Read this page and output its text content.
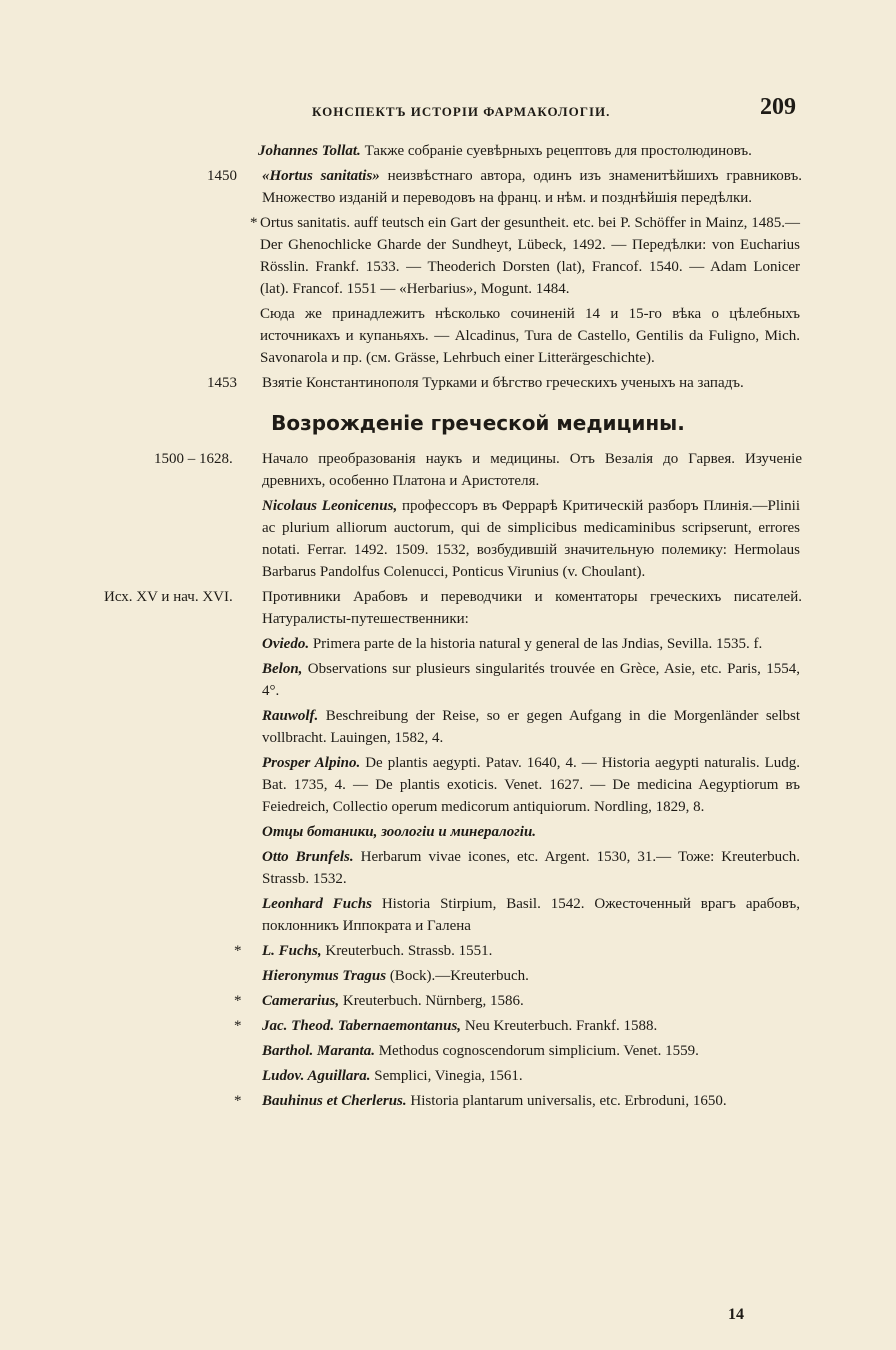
КОНСПЕКТЪ ИСТОРІИ ФАРМАКОЛОГІИ.	209
Johannes Tollat. Также собраніе суевѣрныхъ рецептовъ для простолюдиновъ.
1450 «Hortus sanitatis» неизвѣстнаго автора, одинъ изъ знаменитѣйшихъ гравниковъ. Множество изданій и переводовъ на франц. и нѣм. и позднѣйшія передѣлки.
* Ortus sanitatis. auff teutsch ein Gart der gesuntheit. etc. bei P. Schöffer in Mainz, 1485.—Der Ghenochlicke Gharde der Sundheyt, Lübeck, 1492. — Передѣлки: von Eucharius Rösslin. Frankf. 1533. — Theoderich Dorsten (lat), Francof. 1540. — Adam Lonicer (lat). Francof. 1551 — «Herbarius», Mogunt. 1484.
Сюда же принадлежитъ нѣсколько сочиненій 14 и 15-го вѣка о цѣлебныхъ источникахъ и купаньяхъ. — Alcadinus, Tura de Castello, Gentilis da Fuligno, Mich. Savonarola и пр. (см. Grässe, Lehrbuch einer Litterärgeschichte).
1453 Взятіе Константинополя Турками и бѣгство греческихъ ученыхъ на западъ.
Возрожденіе греческой медицины.
1500 – 1628. Начало преобразованія наукъ и медицины. Отъ Везалія до Гарвея. Изученіе древнихъ, особенно Платона и Аристотеля.
Nicolaus Leonicenus, профессоръ въ Феррарѣ Критическій разборъ Плинія.—Plinii ac plurium alliorum auctorum, qui de simplicibus medicaminibus scripserunt, errores notati. Ferrar. 1492. 1509. 1532, возбудившій значительную полемику: Hermolaus Barbarus Pandolfus Colenucci, Ponticus Virunius (v. Choulant).
Исх. XV и нач. XVI. Противники Арабовъ и переводчики и коментаторы греческихъ писателей. Натуралисты-путешественники:
Oviedo. Primera parte de la historia natural y general de las Jndias, Sevilla. 1535. f.
Belon, Observations sur plusieurs singularités trouvée en Grèce, Asie, etc. Paris, 1554, 4°.
Rauwolf. Beschreibung der Reise, so er gegen Aufgang in die Morgenländer selbst vollbracht. Lauingen, 1582, 4.
Prosper Alpino. De plantis aegypti. Patav. 1640, 4. — Historia aegypti naturalis. Ludg. Bat. 1735, 4. — De plantis exoticis. Venet. 1627. — De medicina Aegyptiorum въ Feiedreich, Collectio operum medicorum antiquiorum. Nordling, 1829, 8.
Отцы ботаники, зоологіи и минералогіи.
Otto Brunfels. Herbarum vivae icones, etc. Argent. 1530, 31.— Тоже: Kreuterbuch. Strassb. 1532.
Leonhard Fuchs Historia Stirpium, Basil. 1542. Ожесточенный врагъ арабовъ, поклонникъ Иппократа и Галена
* L. Fuchs, Kreuterbuch. Strassb. 1551.
Hieronymus Tragus (Bock).—Kreuterbuch.
* Camerarius, Kreuterbuch. Nürnberg, 1586.
* Jac. Theod. Tabernaemontanus, Neu Kreuterbuch. Frankf. 1588.
Barthol. Maranta. Methodus cognoscendorum simplicium. Venet. 1559.
Ludov. Aguillara. Semplici, Vinegia, 1561.
* Bauhinus et Cherlerus. Historia plantarum universalis, etc. Erbroduni, 1650.
14
